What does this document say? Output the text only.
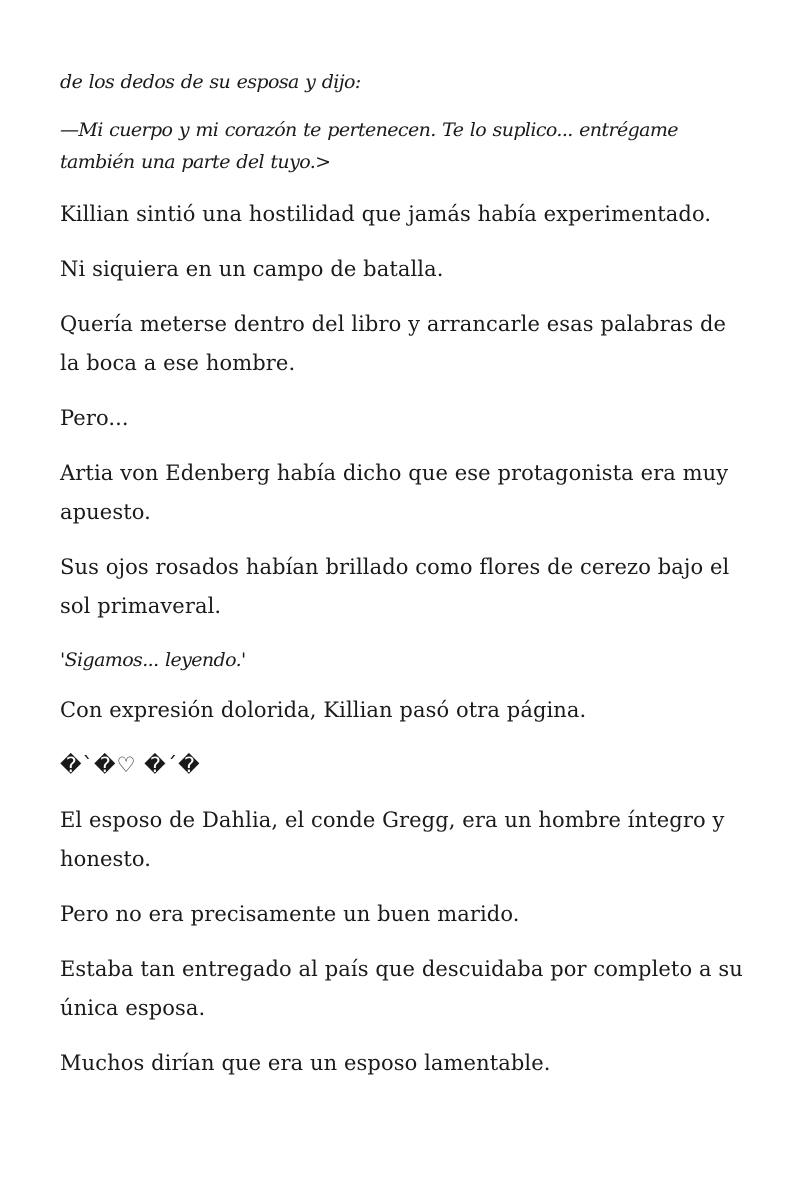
de los dedos de su esposa y dijo:
—Mi cuerpo y mi corazón te pertenecen. Te lo suplico... entrégame también una parte del tuyo.>
Killian sintió una hostilidad que jamás había experimentado.
Ni siquiera en un campo de batalla.
Quería meterse dentro del libro y arrancarle esas palabras de la boca a ese hombre.
Pero...
Artia von Edenberg había dicho que ese protagonista era muy apuesto.
Sus ojos rosados habían brillado como flores de cerezo bajo el sol primaveral.
'Sigamos... leyendo.'
Con expresión dolorida, Killian pasó otra página.
�`�♡ �´�
El esposo de Dahlia, el conde Gregg, era un hombre íntegro y honesto.
Pero no era precisamente un buen marido.
Estaba tan entregado al país que descuidaba por completo a su única esposa.
Muchos dirían que era un esposo lamentable.
